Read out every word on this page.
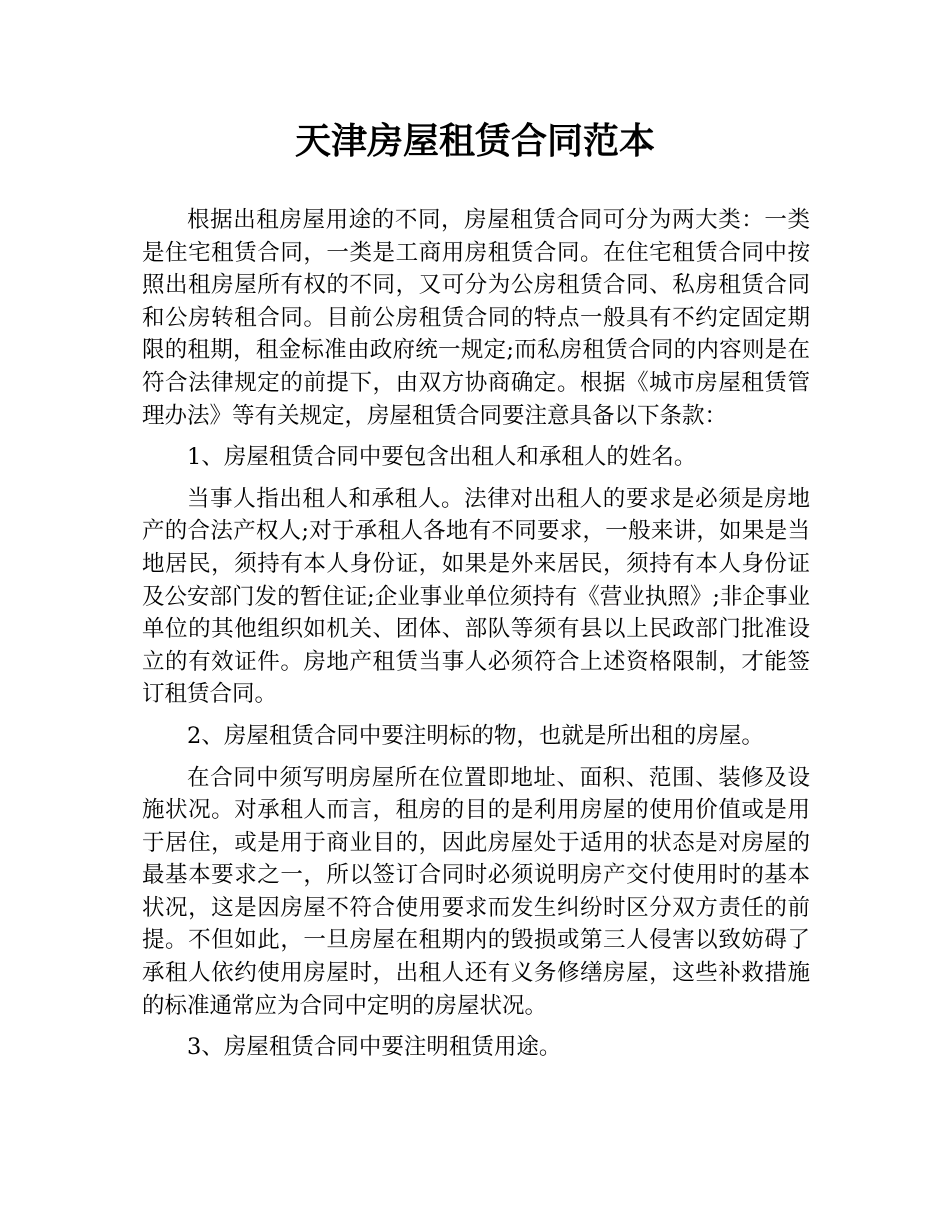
天津房屋租赁合同范本

根据出租房屋用途的不同，房屋租赁合同可分为两大类：一类是住宅租赁合同，一类是工商用房租赁合同。在住宅租赁合同中按照出租房屋所有权的不同，又可分为公房租赁合同、私房租赁合同和公房转租合同。目前公房租赁合同的特点一般具有不约定固定期限的租期，租金标准由政府统一规定;而私房租赁合同的内容则是在符合法律规定的前提下，由双方协商确定。根据《城市房屋租赁管理办法》等有关规定，房屋租赁合同要注意具备以下条款：

1、房屋租赁合同中要包含出租人和承租人的姓名。

当事人指出租人和承租人。法律对出租人的要求是必须是房地产的合法产权人;对于承租人各地有不同要求，一般来讲，如果是当地居民，须持有本人身份证，如果是外来居民，须持有本人身份证及公安部门发的暂住证;企业事业单位须持有《营业执照》;非企事业单位的其他组织如机关、团体、部队等须有县以上民政部门批准设立的有效证件。房地产租赁当事人必须符合上述资格限制，才能签订租赁合同。

2、房屋租赁合同中要注明标的物，也就是所出租的房屋。

在合同中须写明房屋所在位置即地址、面积、范围、装修及设施状况。对承租人而言，租房的目的是利用房屋的使用价值或是用于居住，或是用于商业目的，因此房屋处于适用的状态是对房屋的最基本要求之一，所以签订合同时必须说明房产交付使用时的基本状况，这是因房屋不符合使用要求而发生纠纷时区分双方责任的前提。不但如此，一旦房屋在租期内的毁损或第三人侵害以致妨碍了承租人依约使用房屋时，出租人还有义务修缮房屋，这些补救措施的标准通常应为合同中定明的房屋状况。

3、房屋租赁合同中要注明租赁用途。
